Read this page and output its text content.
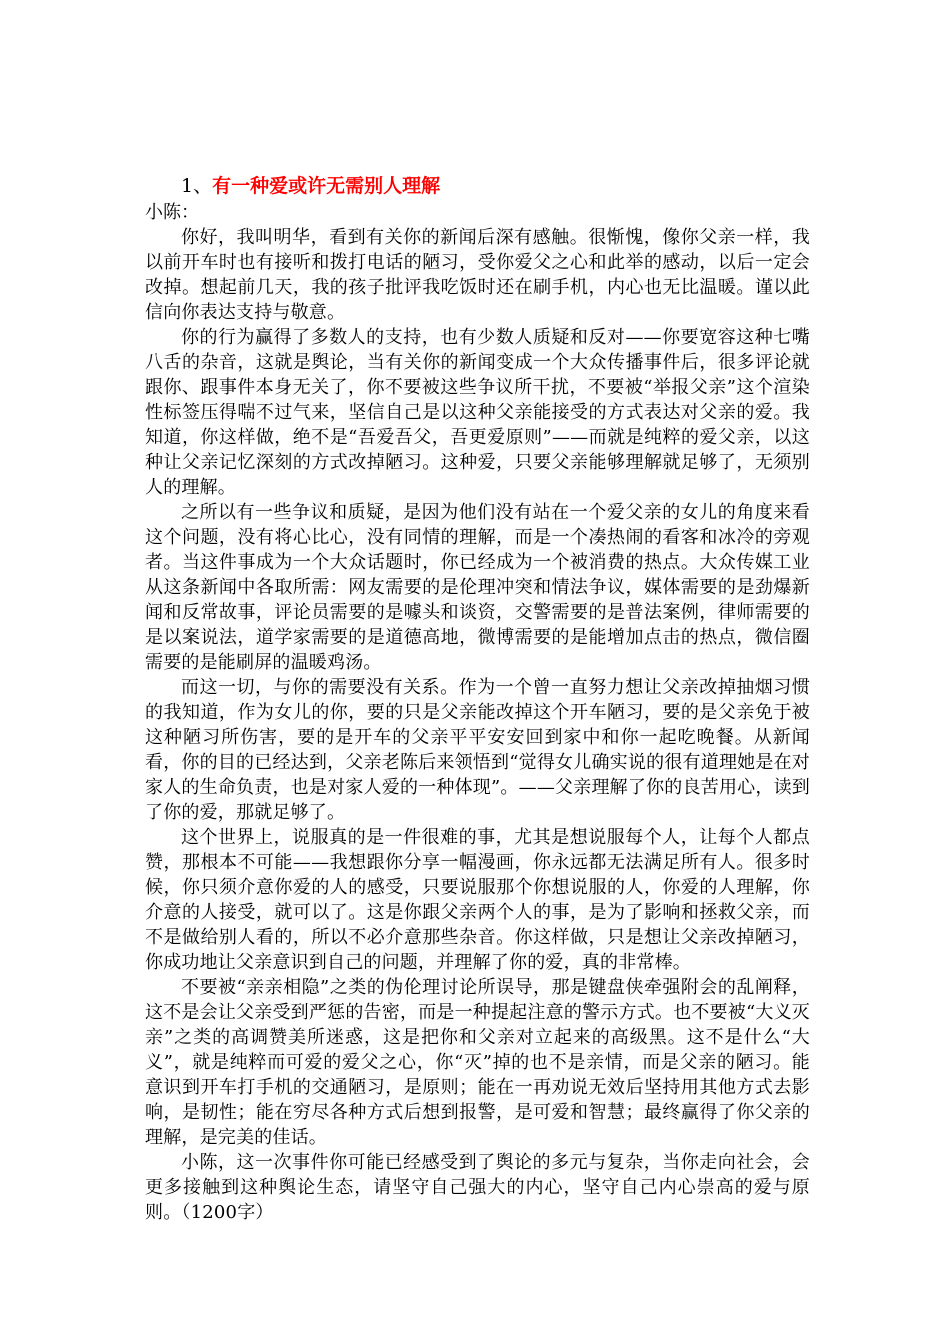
1、有一种爱或许无需别人理解

小陈：

你好，我叫明华，看到有关你的新闻后深有感触。很惭愧，像你父亲一样，我以前开车时也有接听和拨打电话的陋习，受你爱父之心和此举的感动，以后一定会改掉。想起前几天，我的孩子批评我吃饭时还在刷手机，内心也无比温暖。谨以此信向你表达支持与敬意。

你的行为赢得了多数人的支持，也有少数人质疑和反对——你要宽容这种七嘴八舌的杂音，这就是舆论，当有关你的新闻变成一个大众传播事件后，很多评论就跟你、跟事件本身无关了，你不要被这些争议所干扰，不要被“举报父亲”这个渲染性标签压得喘不过气来，坚信自己是以这种父亲能接受的方式表达对父亲的爱。我知道，你这样做，绝不是“吾爱吾父，吾更爱原则”——而就是纯粹的爱父亲，以这种让父亲记忆深刻的方式改掉陋习。这种爱，只要父亲能够理解就足够了，无须别人的理解。

之所以有一些争议和质疑，是因为他们没有站在一个爱父亲的女儿的角度来看这个问题，没有将心比心，没有同情的理解，而是一个凑热闹的看客和冰冷的旁观者。当这件事成为一个大众话题时，你已经成为一个被消费的热点。大众传媒工业从这条新闻中各取所需：网友需要的是伦理冲突和情法争议，媒体需要的是劲爆新闻和反常故事，评论员需要的是噱头和谈资，交警需要的是普法案例，律师需要的是以案说法，道学家需要的是道德高地，微博需要的是能增加点击的热点，微信圈需要的是能刷屏的温暖鸡汤。

而这一切，与你的需要没有关系。作为一个曾一直努力想让父亲改掉抽烟习惯的我知道，作为女儿的你，要的只是父亲能改掉这个开车陋习，要的是父亲免于被这种陋习所伤害，要的是开车的父亲平平安安回到家中和你一起吃晚餐。从新闻看，你的目的已经达到，父亲老陈后来领悟到“觉得女儿确实说的很有道理她是在对家人的生命负责，也是对家人爱的一种体现”。——父亲理解了你的良苦用心，读到了你的爱，那就足够了。

这个世界上，说服真的是一件很难的事，尤其是想说服每个人，让每个人都点赞，那根本不可能——我想跟你分享一幅漫画，你永远都无法满足所有人。很多时候，你只须介意你爱的人的感受，只要说服那个你想说服的人，你爱的人理解，你介意的人接受，就可以了。这是你跟父亲两个人的事，是为了影响和拯救父亲，而不是做给别人看的，所以不必介意那些杂音。你这样做，只是想让父亲改掉陋习，你成功地让父亲意识到自己的问题，并理解了你的爱，真的非常棒。

不要被“亲亲相隐”之类的伪伦理讨论所误导，那是键盘侠牵强附会的乱阐释，这不是会让父亲受到严惩的告密，而是一种提起注意的警示方式。也不要被“大义灭亲”之类的高调赞美所迷惑，这是把你和父亲对立起来的高级黑。这不是什么“大义”，就是纯粹而可爱的爱父之心，你“灭”掉的也不是亲情，而是父亲的陋习。能意识到开车打手机的交通陋习，是原则；能在一再劝说无效后坚持用其他方式去影响，是韧性；能在穷尽各种方式后想到报警，是可爱和智慧；最终赢得了你父亲的理解，是完美的佳话。

小陈，这一次事件你可能已经感受到了舆论的多元与复杂，当你走向社会，会更多接触到这种舆论生态，请坚守自己强大的内心，坚守自己内心崇高的爱与原则。（1200字）
